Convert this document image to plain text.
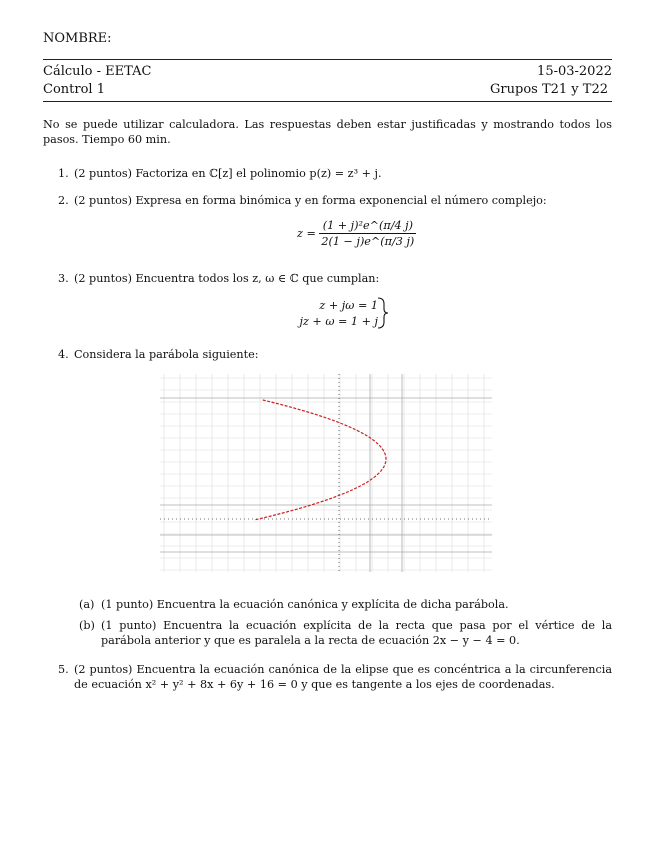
NOMBRE:
Cálculo - EETAC	15-03-2022
Control 1	Grupos T21 y T22
No se puede utilizar calculadora. Las respuestas deben estar justificadas y mostrando todos los pasos. Tiempo 60 min.
1. (2 puntos) Factoriza en ℂ[z] el polinomio p(z) = z³ + j.
2. (2 puntos) Expresa en forma binómica y en forma exponencial el número complejo:
$z = \frac{\text{(1 + j)²e\textasciicircum{}(π/4 j)}}{2(1 - j)e\^{}(\pi/3 j)}$
3. (2 puntos) Encuentra todos los z, ω ∈ ℂ que cumplan:
z + jω = 1
jz + ω = 1 + j
4. Considera la parábola siguiente:
(a) (1 punto) Encuentra la ecuación canónica y explícita de dicha parábola.
(b) (1 punto) Encuentra la ecuación explícita de la recta que pasa por el vértice de la parábola anterior y que es paralela a la recta de ecuación 2x − y − 4 = 0.
5. (2 puntos) Encuentra la ecuación canónica de la elipse que es concéntrica a la circunferencia de ecuación x² + y² + 8x + 6y + 16 = 0 y que es tangente a los ejes de coordenadas.
